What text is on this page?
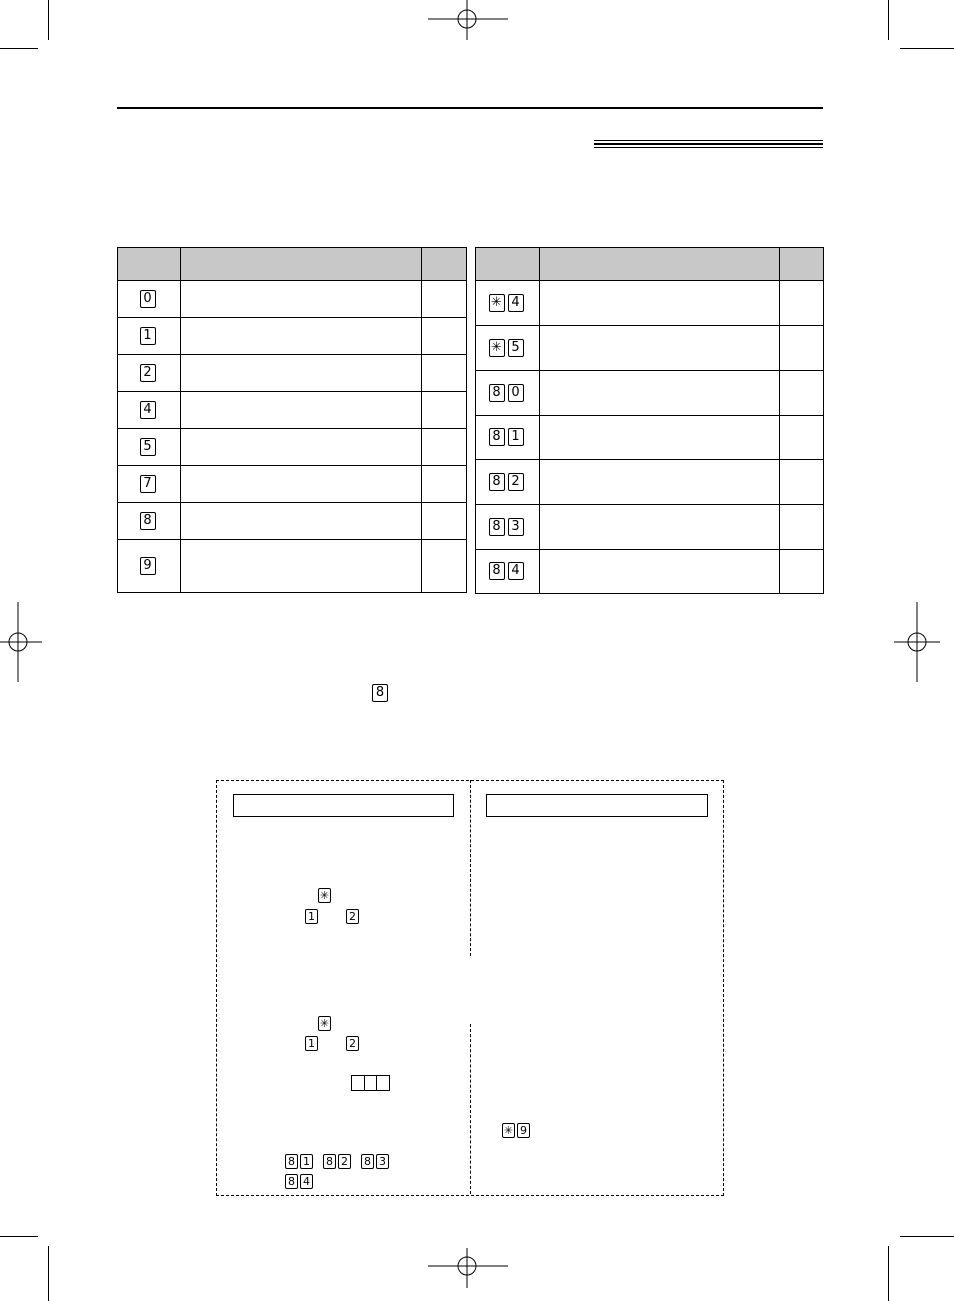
0		
1		
2		
4		
5		
7		
8		
9		

✳ 4		
✳ 5		
8 0		
8 1		
8 2		
8 3		
8 4		
8
✳
1	2
✳
1	2
8 1 8 2 8 3
8 4
✳ 9
